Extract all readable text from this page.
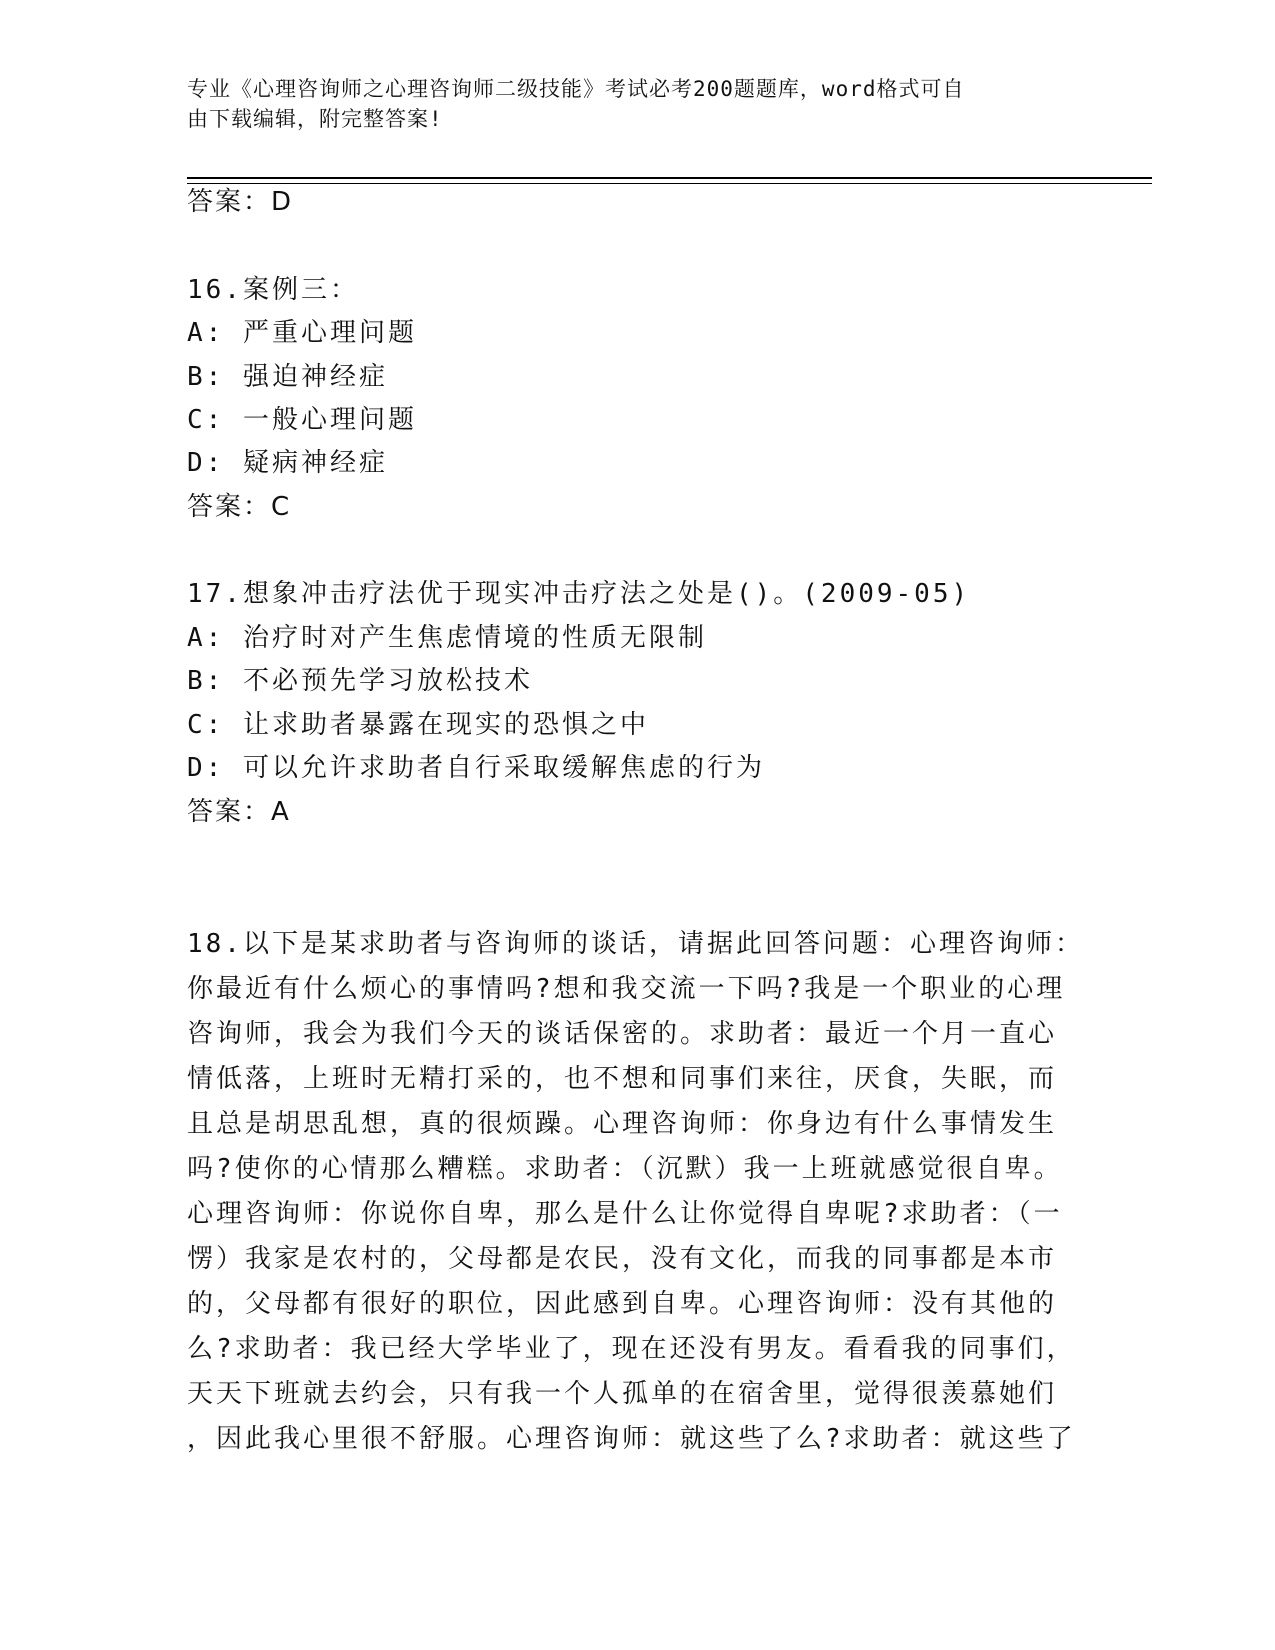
专业《心理咨询师之心理咨询师二级技能》考试必考200题题库，word格式可自
由下载编辑，附完整答案!
答案：D
16.案例三：
A: 严重心理问题
B: 强迫神经症
C: 一般心理问题
D: 疑病神经症
答案：C
17.想象冲击疗法优于现实冲击疗法之处是()。(2009-05)
A: 治疗时对产生焦虑情境的性质无限制
B: 不必预先学习放松技术
C: 让求助者暴露在现实的恐惧之中
D: 可以允许求助者自行采取缓解焦虑的行为
答案：A
18.以下是某求助者与咨询师的谈话，请据此回答问题：心理咨询师：
你最近有什么烦心的事情吗?想和我交流一下吗?我是一个职业的心理
咨询师，我会为我们今天的谈话保密的。求助者：最近一个月一直心
情低落，上班时无精打采的，也不想和同事们来往，厌食，失眠，而
且总是胡思乱想，真的很烦躁。心理咨询师：你身边有什么事情发生
吗?使你的心情那么糟糕。求助者：（沉默）我一上班就感觉很自卑。
心理咨询师：你说你自卑，那么是什么让你觉得自卑呢?求助者：（一
愣）我家是农村的，父母都是农民，没有文化，而我的同事都是本市
的，父母都有很好的职位，因此感到自卑。心理咨询师：没有其他的
么?求助者：我已经大学毕业了，现在还没有男友。看看我的同事们，
天天下班就去约会，只有我一个人孤单的在宿舍里，觉得很羡慕她们
，因此我心里很不舒服。心理咨询师：就这些了么?求助者：就这些了
